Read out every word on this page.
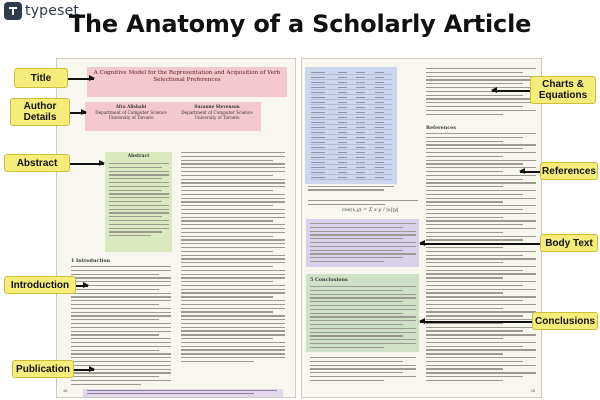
typeset
The Anatomy of a Scholarly Article
A Cognitive Model for the Representation and Acquisition of Verb Selectional Preferences
Afra Alishahi
Department of Computer Science
University of Toronto
Suzanne Stevenson
Department of Computer Science
University of Toronto
Abstract
1 Introduction
46

cos(x,y) = Σ x·y / |x||y|
5 Conclusions
References
48
Title
Author Details
Abstract
Introduction
Publication
Charts & Equations
References
Body Text
Conclusions
